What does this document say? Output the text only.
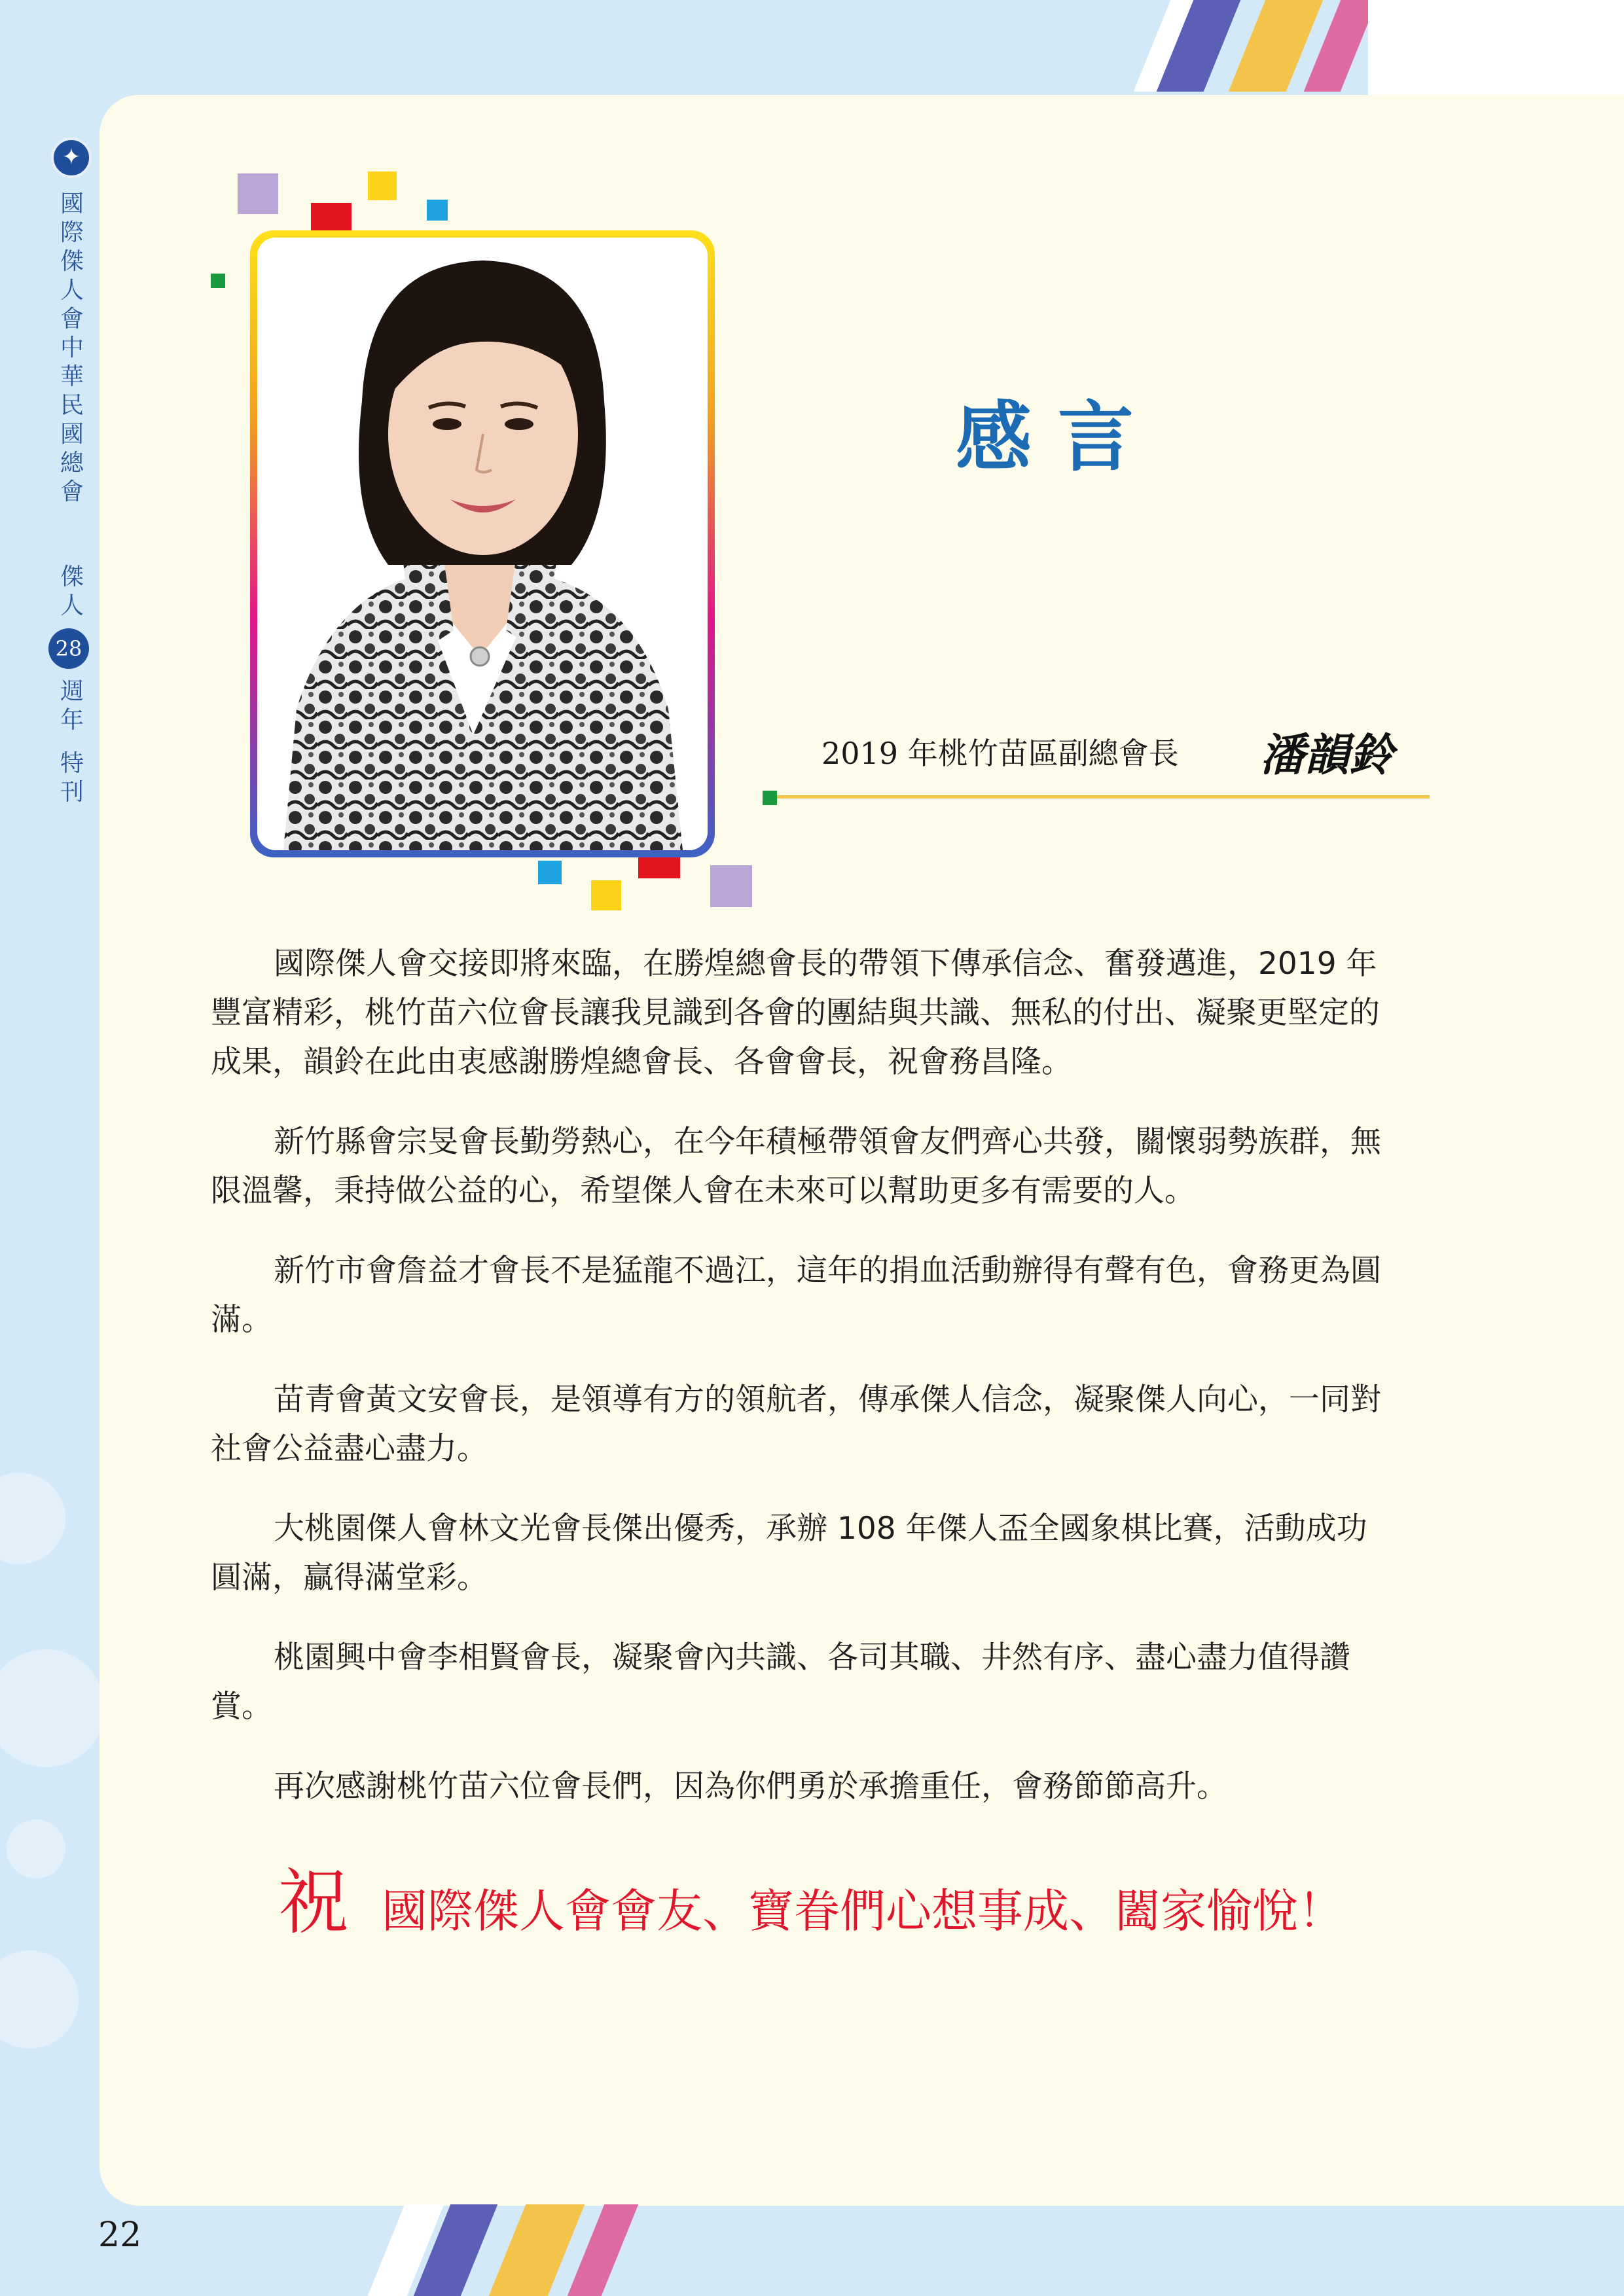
✦
國
際
傑
人
會
中
華
民
國
總
會
傑
人
28
週
年
特
刊
感言
2019 年桃竹苗區副總會長 潘韻鈴

國際傑人會交接即將來臨，在勝煌總會長的帶領下傳承信念、奮發邁進，2019 年豐富精彩，桃竹苗六位會長讓我見識到各會的團結與共識、無私的付出、凝聚更堅定的成果，韻鈴在此由衷感謝勝煌總會長、各會會長，祝會務昌隆。

新竹縣會宗旻會長勤勞熱心，在今年積極帶領會友們齊心共發，關懷弱勢族群，無限溫馨，秉持做公益的心，希望傑人會在未來可以幫助更多有需要的人。

新竹市會詹益才會長不是猛龍不過江，這年的捐血活動辦得有聲有色，會務更為圓滿。

苗青會黃文安會長，是領導有方的領航者，傳承傑人信念，凝聚傑人向心，一同對社會公益盡心盡力。

大桃園傑人會林文光會長傑出優秀，承辦 108 年傑人盃全國象棋比賽，活動成功圓滿，贏得滿堂彩。

桃園興中會李相賢會長，凝聚會內共識、各司其職、井然有序、盡心盡力值得讚賞。

再次感謝桃竹苗六位會長們，因為你們勇於承擔重任，會務節節高升。

祝國際傑人會會友、寶眷們心想事成、闔家愉悅！
22
